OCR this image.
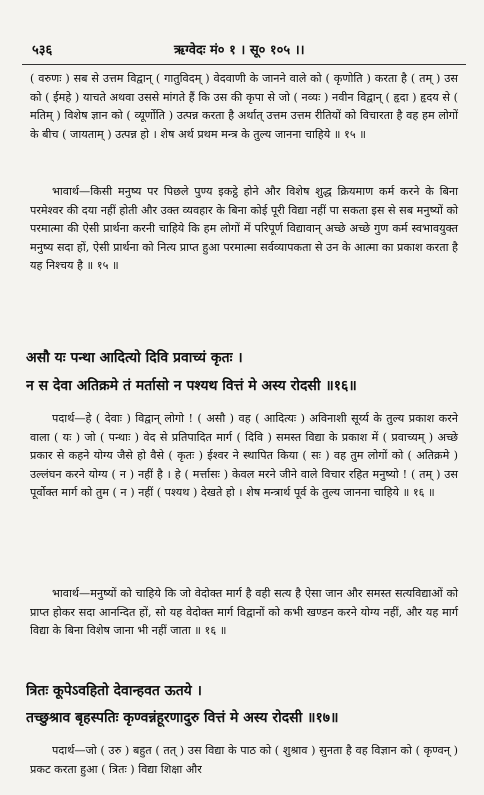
५३६	ऋग्वेदः मं० १ । सू० १०५ ।।
( वरुणः ) सब से उत्तम विद्वान् ( गातुविदम् ) वेदवाणी के जानने वाले को ( कृणोति ) करता है ( तम् ) उस को ( ईमहे ) याचते अथवा उससे मांगते हैं कि उस की कृपा से जो ( नव्यः ) नवीन विद्वान् ( हृदा ) हृदय से ( मतिम् ) विशेष ज्ञान को ( व्यूर्णोति ) उत्पन्न करता है अर्थात् उत्तम उत्तम रीतियों को विचारता है वह हम लोगों के बीच ( जायताम् ) उत्पन्न हो । शेष अर्थ प्रथम मन्त्र के तुल्य जानना चाहिये ॥ १५ ॥
भावार्थ—किसी मनुष्य पर पिछले पुण्य इकट्ठे होने और विशेष शुद्ध क्रियमाण कर्म करने के बिना परमेश्वर की दया नहीं होती और उक्त व्यवहार के बिना कोई पूरी विद्या नहीं पा सकता इस से सब मनुष्यों को परमात्मा की ऐसी प्रार्थना करनी चाहिये कि हम लोगों में परिपूर्ण विद्यावान् अच्छे अच्छे गुण कर्म स्वभावयुक्त मनुष्य सदा हों, ऐसी प्रार्थना को नित्य प्राप्त हुआ परमात्मा सर्वव्यापकता से उन के आत्मा का प्रकाश करता है यह निश्चय है ॥ १५ ॥
असौ यः पन्था आदित्यो दिवि प्रवाच्यं कृतः ।
न स देवा अतिक्रमे तं मर्तासो न पश्यथ वित्तं मे अस्य रोदसी ॥१६॥
पदार्थ—हे ( देवाः ) विद्वान् लोगो ! ( असौ ) वह ( आदित्यः ) अविनाशी सूर्य्य के तुल्य प्रकाश करने वाला ( यः ) जो ( पन्थाः ) वेद से प्रतिपादित मार्ग ( दिवि ) समस्त विद्या के प्रकाश में ( प्रवाच्यम् ) अच्छे प्रकार से कहने योग्य जैसे हो वैसे ( कृतः ) ईश्वर ने स्थापित किया ( सः ) वह तुम लोगों को ( अतिक्रमे ) उल्लंघन करने योग्य ( न ) नहीं है । हे ( मर्त्तासः ) केवल मरने जीने वाले विचार रहित मनुष्यो ! ( तम् ) उस पूर्वोक्त मार्ग को तुम ( न ) नहीं ( पश्यथ ) देखते हो । शेष मन्त्रार्थ पूर्व के तुल्य जानना चाहिये ॥ १६ ॥
भावार्थ—मनुष्यों को चाहिये कि जो वेदोक्त मार्ग है वही सत्य है ऐसा जान और समस्त सत्यविद्याओं को प्राप्त होकर सदा आनन्दित हों, सो यह वेदोक्त मार्ग विद्वानों को कभी खण्डन करने योग्य नहीं, और यह मार्ग विद्या के बिना विशेष जाना भी नहीं जाता ॥ १६ ॥
त्रितः कूपेऽवहितो देवान्हवत ऊतये ।
तच्छुश्राव बृहस्पतिः कृण्वन्नंहूरणादुरु वित्तं मे अस्य रोदसी ॥१७॥
पदार्थ—जो ( उरु ) बहुत ( तत् ) उस विद्या के पाठ को ( शुश्राव ) सुनता है वह विज्ञान को ( कृण्वन् ) प्रकट करता हुआ ( त्रितः ) विद्या शिक्षा और
